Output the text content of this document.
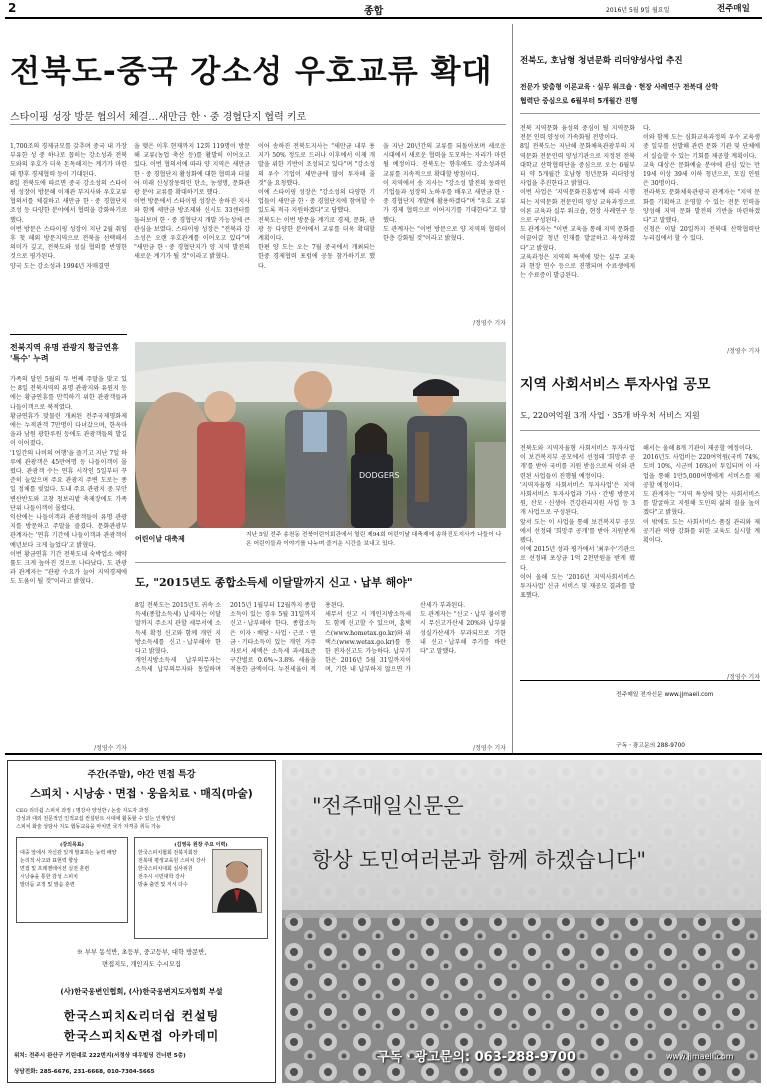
2	종합	2016년 5월 9일 월요일	전주매일
전북도-중국 강소성 우호교류 확대
스타이핑 성장 방문 협의서 체결…새만금 한ㆍ중 경협단지 협력 키로
1,700조의 경제규모를 갖추며 중국 내 가장 부유한 성 중 하나로 꼽히는 강소성과 전북도와의 우호가 더욱 돈독해지는 계기가 마련돼 향후 경제협력 등이 기대된다.
8일 전북도에 따르면 중국 강소성의 스타이핑 성장이 방문해 이재관 부지사와 우호교류 협의서를 체결하고 새만금 한ㆍ중 경협단지 조성 등 다양한 분야에서 협력을 강화하기로 했다.
이번 방문은 스타이핑 성장이 지난 2월 취임 후 첫 해외 방문지역으로 전북을 선택해서 의미가 깊고, 전북도와 성실 협의를 반영한 것으로 평가된다.
양국 도는 강소성과 1994년 자매결연
을 맺은 이후 현재까지 12회 119명이 방문해 교류(농업 축산 등)를 활발히 이어오고 있다. 이번 협의서에 따라 양 지역은 새만금 한ㆍ중 경협단지 활성화에 대한 협력과 더불어 미래 신성장동력인 탄소, 농생명, 문화관광 분야 교류를 확대하기로 했다.
이번 방문에서 스타이핑 성장은 송하진 지사와 함께 새만금 방조제와 신시도 33센터를 둘러보며 한ㆍ중 경협단지 개발 가능성에 큰 관심을 보였다. 스타이핑 성장은 "전북과 강소성은 오랜 우호관계를 이어오고 있다"며 "새만금 한ㆍ중 경협단지가 양 지역 발전의 새로운 계기가 될 것"이라고 밝혔다.
이어 송하진 전북도지사는 "새만금 내부 용지가 50% 정도로 드러나 이후에서 이제 개발을 위한 기반이 조성되고 있다"며 "강소성의 우수 기업이 새만금에 많이 투자해 줄 것"을 요청했다.
이에 스타이핑 성장은 "강소성의 다양한 기업들이 새만금 한ㆍ중 경협단지에 참여할 수 있도록 적극 지원하겠다"고 답했다.
전북도는 이번 방문을 계기로 경제, 문화, 관광 등 다양한 분야에서 교류를 더욱 확대할 계획이다.
한편 양 도는 오는 7월 중국에서 개최되는 한중 경제협력 포럼에 공동 참가하기로 했다.
을 지난 20년간의 교류를 되돌아보며 새로운 시대에서 새로운 협력을 도모하는 자리가 마련될 예정이다. 전북도는 향후에도 강소성과의 교류를 지속적으로 확대할 방침이다.
이 지역에서 송 지사는 "강소성 발전의 동력인 기업들과 성장의 노하우를 배우고 새만금 한ㆍ중 경협단지 개발에 활용하겠다"며 "우호 교류가 경제 협력으로 이어지기를 기대한다"고 말했다.
도 관계자는 "이번 방문으로 양 지역의 협력이 한층 강화될 것"이라고 밝혔다.
/정영수 기자
전북지역 유명 관광지 황금연휴 '특수' 누려
가족의 달인 5월의 두 번째 주말을 맞고 있는 8일 전북지역의 유명 관광지와 유원지 등에는 황금연휴를 만끽하기 위한 관광객들과 나들이객으로 북적였다.
황금연휴가 맞물린 개최된 전주국제영화제에는 누적관객 7만명이 다녀갔으며, 한옥마을과 남원 광한루원 등에도 관광객들의 발길이 이어졌다.
'1일간의 나비의 여행'을 즐기고 지난 7일 하루에 관광객은 45만여명 등 나들이객이 몰렸다. 관광객 수는 연휴 시작인 5일부터 꾸준히 늘었으며 주요 관광지 주변 도로는 종일 정체를 빚었다. 도내 주요 관광지 중 부안 변산반도와 고창 청보리밭 축제장에도 가족 단위 나들이객이 몰렸다.
익산에는 나들이객과 관광객들이 유명 관광지를 방문하고 주말을 즐겼다. 문화관광부 관계자는 '연휴 기간에 나들이객과 관광객이 예년보다 크게 늘었다'고 밝혔다.
이번 황금연휴 기간 전북도내 숙박업소 예약률도 크게 높아진 것으로 나타났다. 도 관광과 관계자는 "관광 수요가 늘어 지역경제에도 도움이 될 것"이라고 밝혔다.
/정영수 기자
DODGERS
어린이날 대축제	지난 5일 전주 송천동 전북어린이회관에서 열린 제94회 어린이날 대축제에 송하진도지사가 나들이 나온 어린이들과 이야기를 나누며 즐거운 시간을 보내고 있다.
도, "2015년도 종합소득세 이달말까지 신고ㆍ납부 해야"
8일 전북도는 2015년도 귀속 소득세(종합소득세) 납세자는 이달 말까지 주소지 관할 세무서에 소득세 확정 신고와 함께 개인 지방소득세를 신고ㆍ납부해야 한다고 밝혔다.
개인지방소득세 납부의무자는 소득세 납부의무자와 동일하며 2015년 1월부터 12월까지 종합소득이 있는 경우 5월 31일까지 신고ㆍ납부해야 한다. 종합소득은 이자ㆍ배당ㆍ사업ㆍ근로ㆍ연금ㆍ기타소득이 있는 개인 거주자로서 세액은 소득세 과세표준 구간별로 0.6%~3.8% 세율을 적용한 금액이다. 누진세율이 적용된다.
세무서 신고 시 개인지방소득세도 함께 신고할 수 있으며, 홈택스(www.hometax.go.kr)와 위택스(www.wetax.go.kr)를 통한 전자신고도 가능하다. 납부기한은 2016년 5월 31일까지이며, 기한 내 납부하지 않으면 가산세가 부과된다.
도 관계자는 "신고ㆍ납부 불이행 시 무신고가산세 20%와 납부불성실가산세가 부과되므로 기한 내 신고ㆍ납부해 주기를 바란다"고 말했다.
/정영수 기자
전북도, 호남형 청년문화 리더양성사업 추진
전문가 맞춤형 이론교육ㆍ실무 워크숍ㆍ현장 사례연구 전북대 산학협력단 중심으로 6월부터 5개월간 진행
전북 지역문화 융성의 중심이 될 지역문화 전문 인력 양성이 가속화될 전망이다.
8일 전북도는 지난해 문화체육관광부의 지역문화 전문인력 양성기관으로 지정된 전북대학교 산학협력단을 중심으로 오는 6월부터 약 5개월간 호남형 청년문화 리더양성 사업을 추진한다고 밝혔다.
이번 사업은 '지역문화진흥법'에 따라 시행되는 지역문화 전문인력 양성 교육과정으로 이론 교육과 실무 워크숍, 현장 사례연구 등으로 구성된다.
도 관계자는 "이번 교육을 통해 지역 문화를 이끌어갈 청년 인재를 발굴하고 육성하겠다"고 밝혔다.
교육과정은 지역의 특색에 맞는 실무 교육과 현장 연수 등으로 진행되며 수료생에게는 수료증이 발급된다.
다.
이와 함께 도는 심화교육과정의 우수 교육생 중 일부를 선발해 관련 문화 기관 및 단체에서 실습할 수 있는 기회를 제공할 계획이다.
교육 대상은 문화예술 분야에 관심 있는 만 19세 이상 39세 이하 청년으로, 모집 인원은 30명이다.
전라북도 문화체육관광국 관계자는 "지역 문화를 기획하고 운영할 수 있는 전문 인력을 양성해 지역 문화 발전의 기반을 마련하겠다"고 말했다.
신청은 이달 20일까지 전북대 산학협력단 누리집에서 할 수 있다.
/정영수 기자
지역 사회서비스 투자사업 공모
도, 220여억원 3개 사업ㆍ35개 바우처 서비스 지원
전북도와 지역자율형 사회서비스 투자사업이 보건복지부 공모에서 선정돼 '희망주 공개'를 받아 국비를 지원 받음으로써 이와 관련된 사업들이 진행될 예정이다.
'지역자율형 사회서비스 투자사업'은 지역사회서비스 투자사업과 가사ㆍ간병 방문지원, 산모ㆍ신생아 건강관리지원 사업 등 3개 사업으로 구성된다.
앞서 도는 이 사업을 통해 보건복지부 공모에서 선정돼 '희망주 공개'를 받아 지원받게 됐다.
이에 2015년 성과 평가에서 '최우수'기관으로 선정돼 포상금 1억 2천만원을 받게 됐다.
이어 올해 도는 '2016년 지역사회서비스 투자사업' 신규 서비스 및 재공모 결과를 발표했다.
해서는 올해 8개 기관이 제공할 예정이다.
2016년도 사업비는 220여억원(국비 74%, 도비 10%, 시군비 16%)이 투입되며 이 사업을 통해 1만5,000여명에게 서비스를 제공할 예정이다.
도 관계자는 "지역 특성에 맞는 사회서비스를 발굴하고 지원해 도민의 삶의 질을 높이겠다"고 밝혔다.
이 밖에도 도는 사회서비스 품질 관리와 제공기관 역량 강화를 위한 교육도 실시할 계획이다.
/정영수 기자
전주매일 전자신문 www.jjmaeil.com
구독ㆍ광고문의 288-9700
주간(주말), 야간 면접 특강
스피치ㆍ시낭송ㆍ면접ㆍ웅음치료ㆍ매직(마술)
CEO 리더쉽 스피치 과정 / 명강사 양성반 / 논술 지도자 과정
강성과 대외 전문적인 인적교섭 컨설턴트 시대에 활동할 수 있는 인재양성
스피치 화술 상담사 지도 협동교육을 마치면 국가 자격증 취득 가능
(강의목표)
대중 앞에서 자신감 있게 발표하는 능력 배양
논리적 사고와 표현력 향상
면접 및 프레젠테이션 실전 훈련
시낭송을 통한 감성 스피치
말더듬 교정 및 발음 훈련
(김영옥 원장 주요 이력)
한국스피치협회 전북지회장
전북대 평생교육원 스피치 강사
한국스피치대회 심사위원
전주시 시민대학 강사
방송 출연 및 저서 다수
※ 부부 동석반, 초등부, 중고등부, 대학 방문반,
면접지도, 개인지도 수시모집
(사)한국웅변인협회, (사)한국웅변지도자협회 부설
한국스피치&리더쉽 컨설팅
한국스피치&면접 아카데미
위치: 전주시 완산구 기린대로 222번지(서정상 대우빌딩 건너편 5층)
상담전화: 285-6676, 231-6668, 010-7304-5665
"전주매일신문은
항상 도민여러분과 함께 하겠습니다"
구독ㆍ광고문의: 063-288-9700	www.jjmaeil.com
